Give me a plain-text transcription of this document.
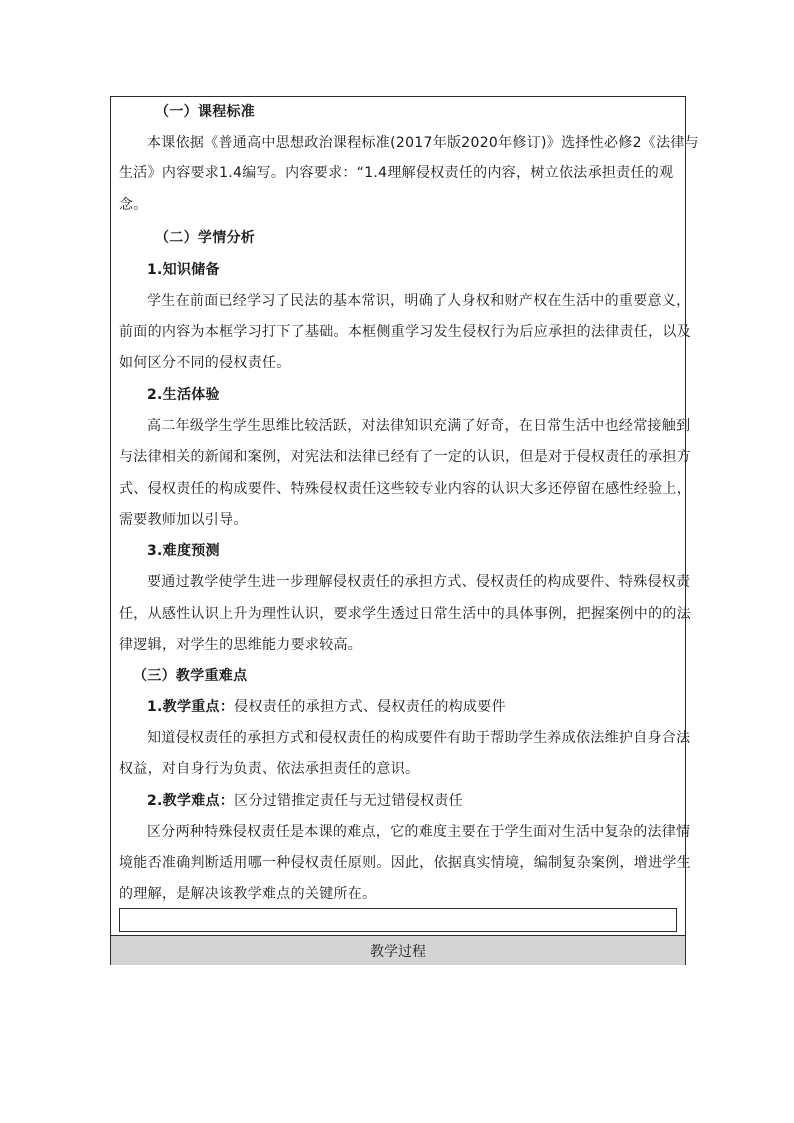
（一）课程标准
本课依据《普通高中思想政治课程标准(2017年版2020年修订)》选择性必修2《法律与
生活》内容要求1.4编写。内容要求：“1.4理解侵权责任的内容，树立依法承担责任的观
念。
（二）学情分析
1.知识储备
学生在前面已经学习了民法的基本常识，明确了人身权和财产权在生活中的重要意义，
前面的内容为本框学习打下了基础。本框侧重学习发生侵权行为后应承担的法律责任，以及
如何区分不同的侵权责任。
2.生活体验
高二年级学生学生思维比较活跃，对法律知识充满了好奇，在日常生活中也经常接触到
与法律相关的新闻和案例，对宪法和法律已经有了一定的认识，但是对于侵权责任的承担方
式、侵权责任的构成要件、特殊侵权责任这些较专业内容的认识大多还停留在感性经验上，
需要教师加以引导。
3.难度预测
要通过教学使学生进一步理解侵权责任的承担方式、侵权责任的构成要件、特殊侵权责
任，从感性认识上升为理性认识，要求学生透过日常生活中的具体事例，把握案例中的的法
律逻辑，对学生的思维能力要求较高。
（三）教学重难点
1.教学重点：侵权责任的承担方式、侵权责任的构成要件
知道侵权责任的承担方式和侵权责任的构成要件有助于帮助学生养成依法维护自身合法
权益，对自身行为负责、依法承担责任的意识。
2.教学难点：区分过错推定责任与无过错侵权责任
区分两种特殊侵权责任是本课的难点，它的难度主要在于学生面对生活中复杂的法律情
境能否准确判断适用哪一种侵权责任原则。因此，依据真实情境，编制复杂案例，增进学生
的理解，是解决该教学难点的关键所在。
教学过程
